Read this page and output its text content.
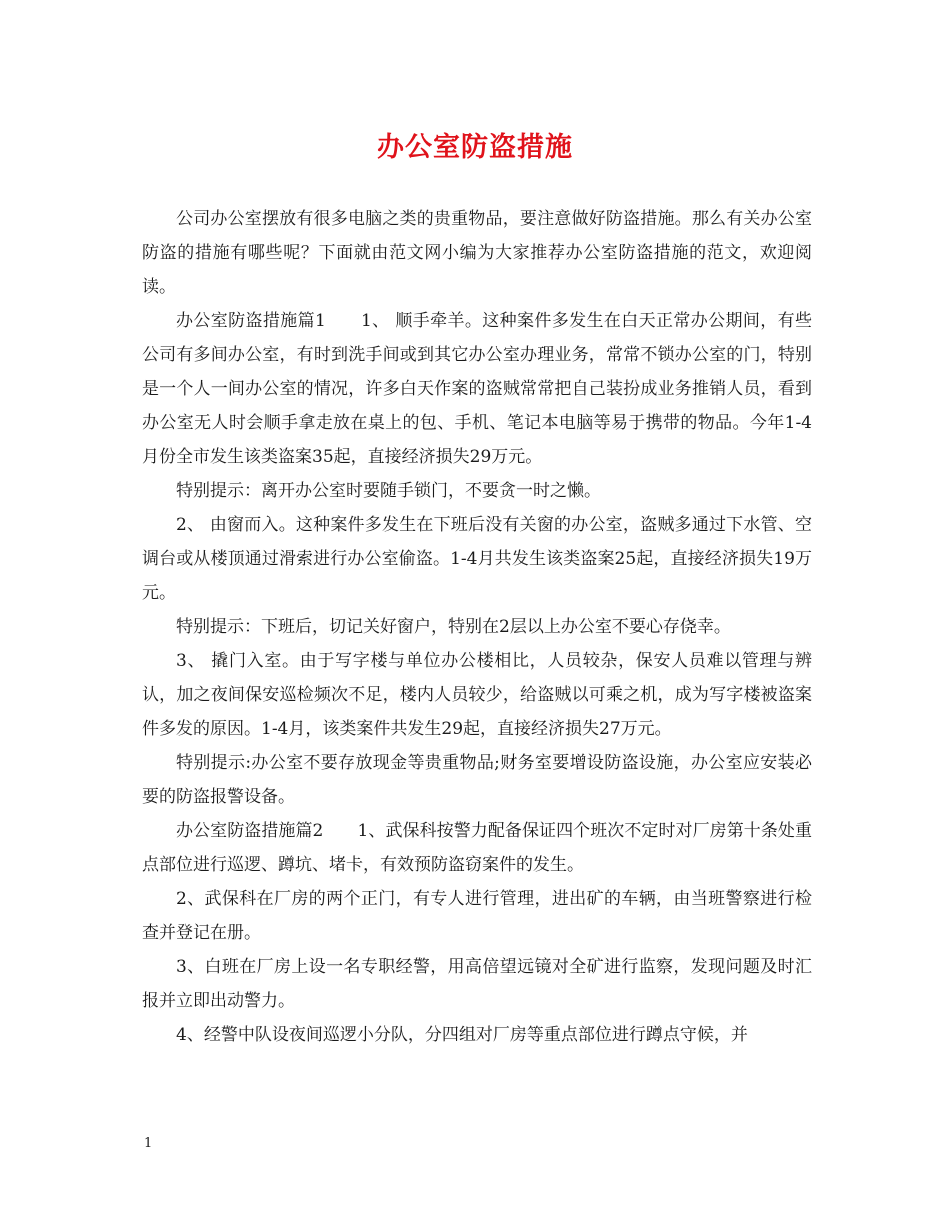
办公室防盗措施

公司办公室摆放有很多电脑之类的贵重物品，要注意做好防盗措施。那么有关办公室防盗的措施有哪些呢？下面就由范文网小编为大家推荐办公室防盗措施的范文，欢迎阅读。

办公室防盗措施篇1　　1、 顺手牵羊。这种案件多发生在白天正常办公期间，有些公司有多间办公室，有时到洗手间或到其它办公室办理业务，常常不锁办公室的门，特别是一个人一间办公室的情况，许多白天作案的盗贼常常把自己装扮成业务推销人员，看到办公室无人时会顺手拿走放在桌上的包、手机、笔记本电脑等易于携带的物品。今年1-4月份全市发生该类盗案35起，直接经济损失29万元。

特别提示：离开办公室时要随手锁门，不要贪一时之懒。

2、 由窗而入。这种案件多发生在下班后没有关窗的办公室，盗贼多通过下水管、空调台或从楼顶通过滑索进行办公室偷盗。1-4月共发生该类盗案25起，直接经济损失19万元。

特别提示：下班后，切记关好窗户，特别在2层以上办公室不要心存侥幸。

3、 撬门入室。由于写字楼与单位办公楼相比，人员较杂，保安人员难以管理与辨认，加之夜间保安巡检频次不足，楼内人员较少，给盗贼以可乘之机，成为写字楼被盗案件多发的原因。1-4月，该类案件共发生29起，直接经济损失27万元。

特别提示:办公室不要存放现金等贵重物品;财务室要增设防盗设施，办公室应安装必要的防盗报警设备。

办公室防盗措施篇2　　1、武保科按警力配备保证四个班次不定时对厂房第十条处重点部位进行巡逻、蹲坑、堵卡，有效预防盗窃案件的发生。

2、武保科在厂房的两个正门，有专人进行管理，进出矿的车辆，由当班警察进行检查并登记在册。

3、白班在厂房上设一名专职经警，用高倍望远镜对全矿进行监察，发现问题及时汇报并立即出动警力。

4、经警中队设夜间巡逻小分队，分四组对厂房等重点部位进行蹲点守候，并

1
